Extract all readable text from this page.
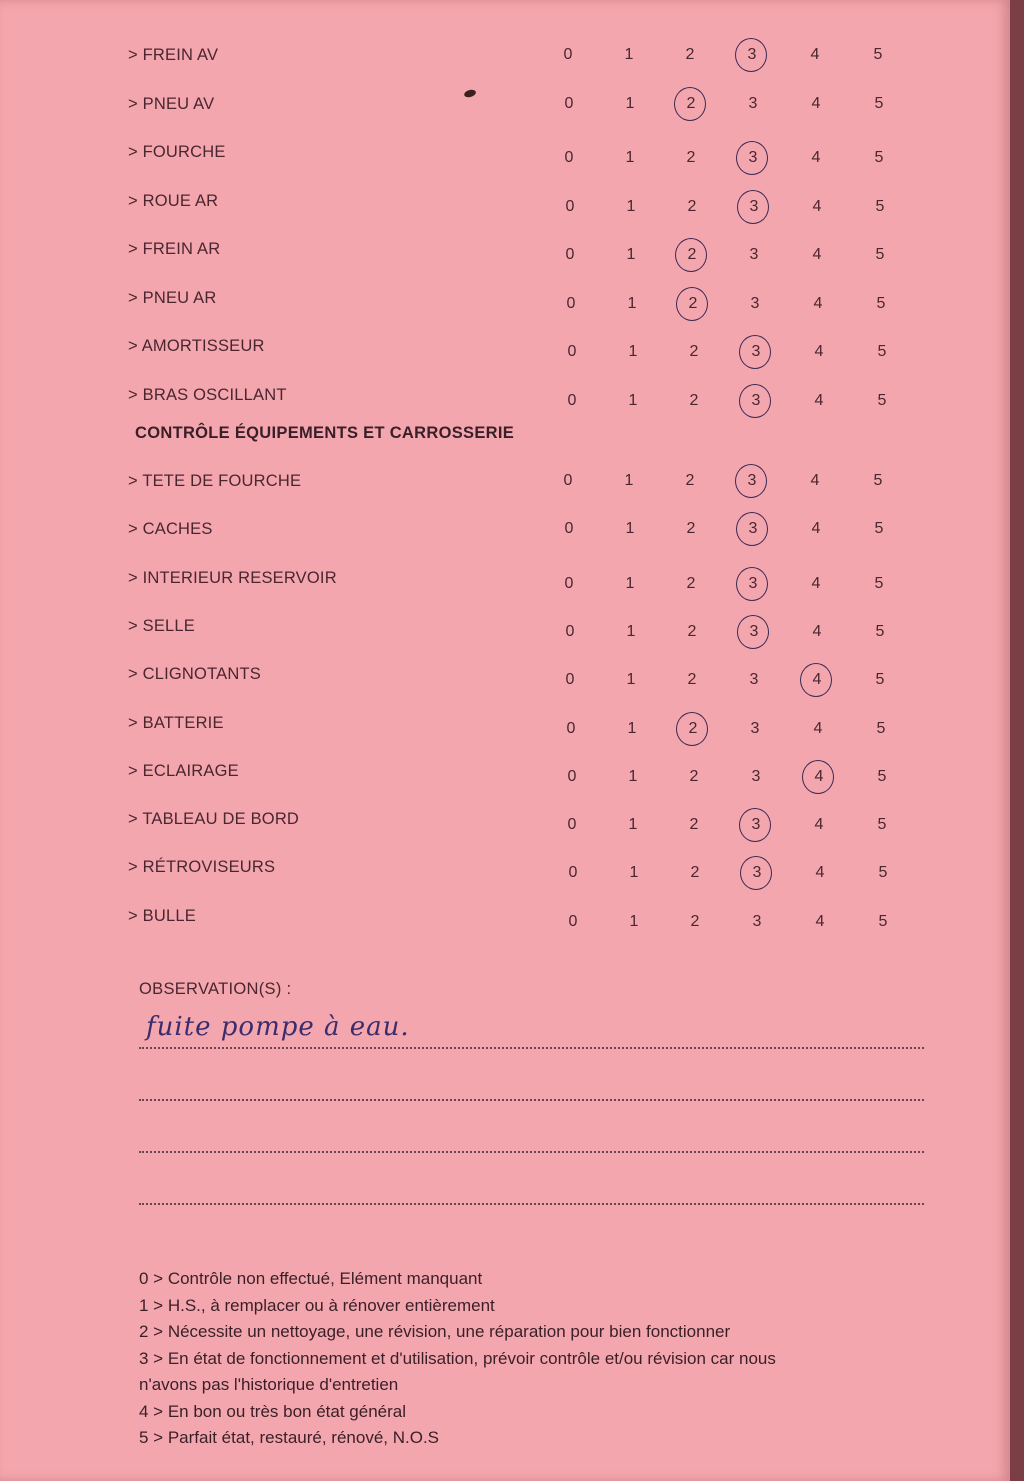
> FREIN AV	0	1	2	3	4	5
> PNEU AV	0	1	2	3	4	5
> FOURCHE	0	1	2	3	4	5
> ROUE AR	0	1	2	3	4	5
> FREIN AR	0	1	2	3	4	5
> PNEU AR	0	1	2	3	4	5
> AMORTISSEUR	0	1	2	3	4	5
> BRAS OSCILLANT	0	1	2	3	4	5
CONTRÔLE ÉQUIPEMENTS ET CARROSSERIE
> TETE DE FOURCHE	0	1	2	3	4	5
> CACHES	0	1	2	3	4	5
> INTERIEUR RESERVOIR	0	1	2	3	4	5
> SELLE	0	1	2	3	4	5
> CLIGNOTANTS	0	1	2	3	4	5
> BATTERIE	0	1	2	3	4	5
> ECLAIRAGE	0	1	2	3	4	5
> TABLEAU DE BORD	0	1	2	3	4	5
> RÉTROVISEURS	0	1	2	3	4	5
> BULLE	0	1	2	3	4	5
OBSERVATION(S) :
fuite pompe à eau.
0 > Contrôle non effectué, Elément manquant
1 > H.S., à remplacer ou à rénover entièrement
2 > Nécessite un nettoyage, une révision, une réparation pour bien fonctionner
3 > En état de fonctionnement et d'utilisation, prévoir contrôle et/ou révision car nous
n'avons pas l'historique d'entretien
4 > En bon ou très bon état général
5 > Parfait état, restauré, rénové, N.O.S
